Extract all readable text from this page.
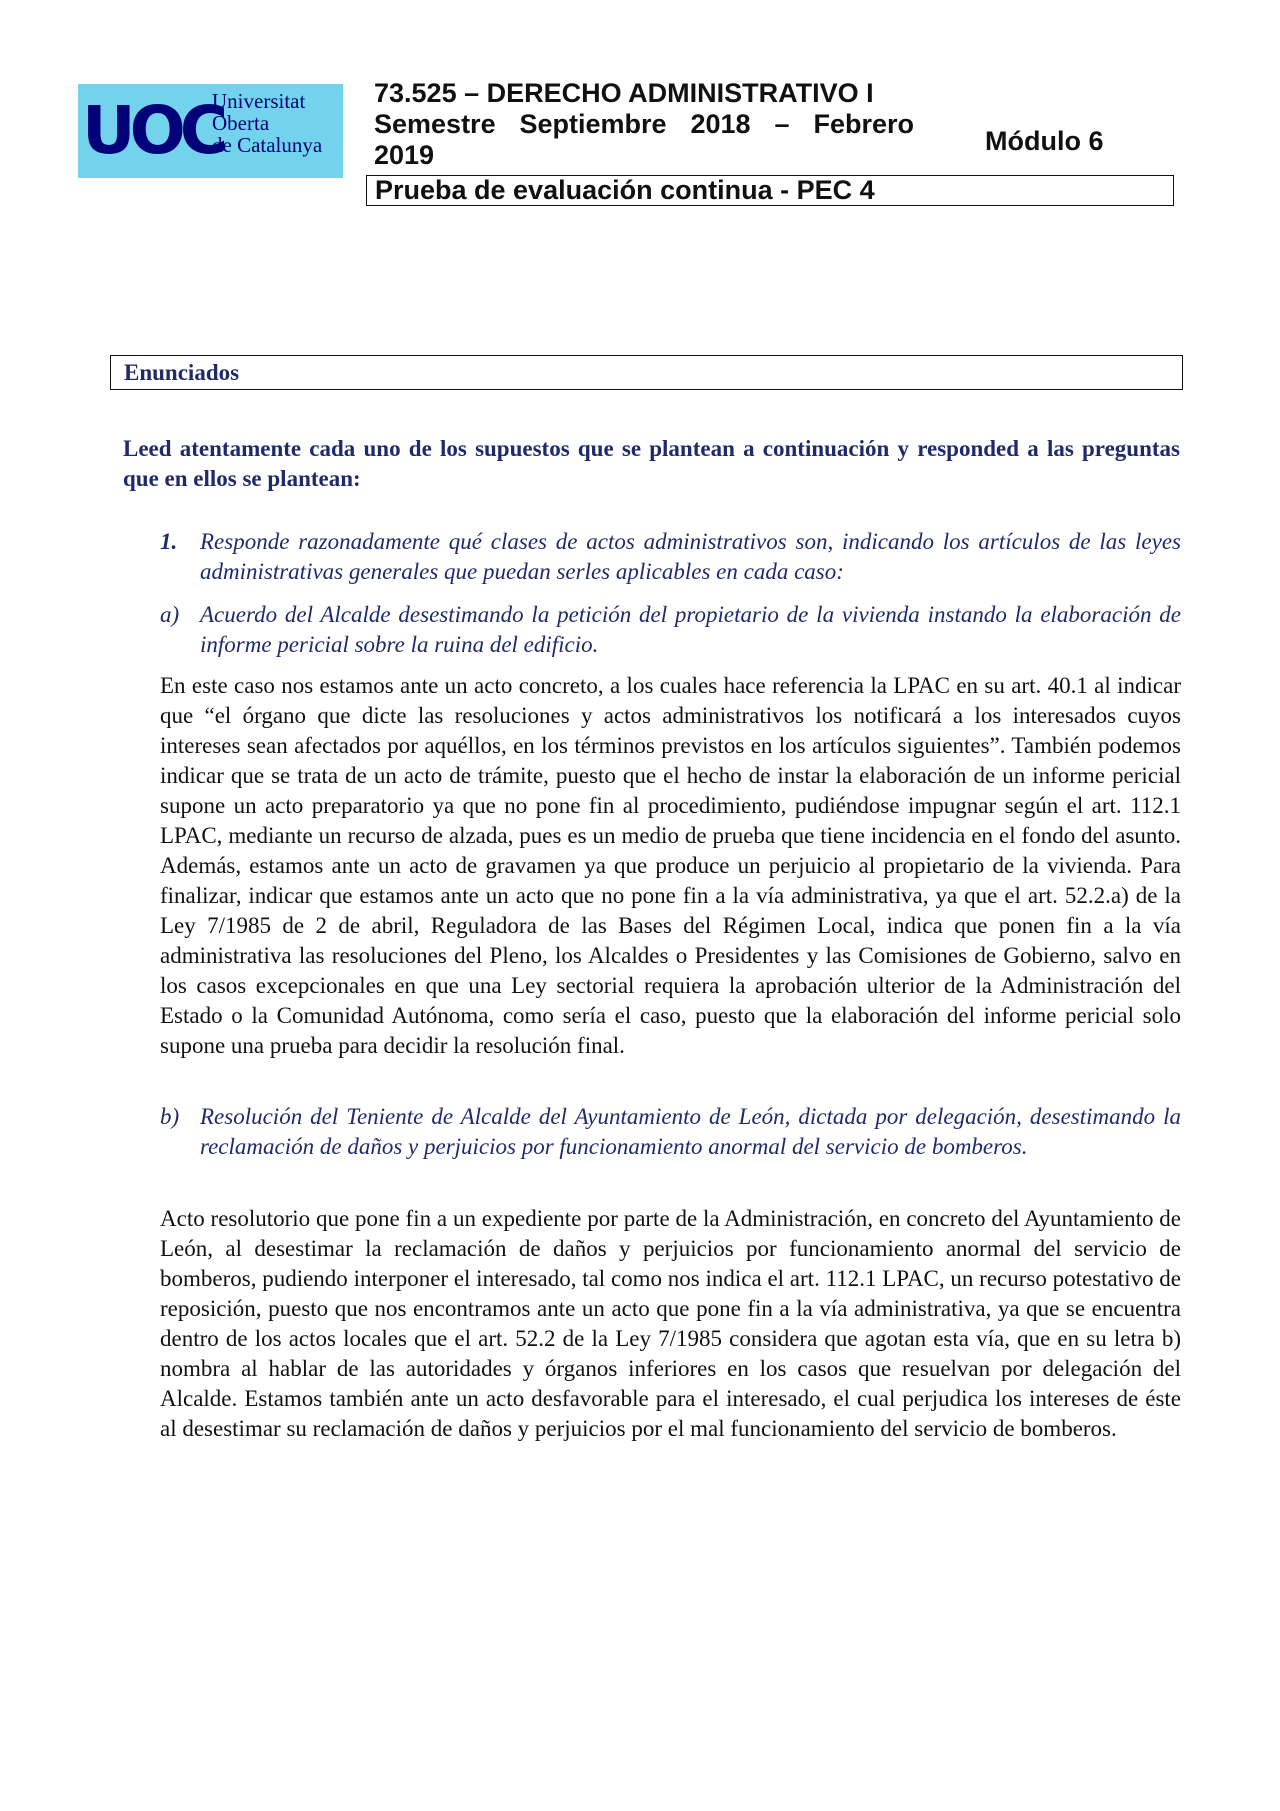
UOC
Universitat
Oberta
de Catalunya
73.525 – DERECHO ADMINISTRATIVO I
Semestre Septiembre 2018 – Febrero
2019	Módulo 6
Prueba de evaluación continua - PEC 4
Enunciados
Leed atentamente cada uno de los supuestos que se plantean a continuación y responded a las preguntas que en ellos se plantean:
1. Responde razonadamente qué clases de actos administrativos son, indicando los artículos de las leyes administrativas generales que puedan serles aplicables en cada caso:
a) Acuerdo del Alcalde desestimando la petición del propietario de la vivienda instando la elaboración de informe pericial sobre la ruina del edificio.
En este caso nos estamos ante un acto concreto, a los cuales hace referencia la LPAC en su art. 40.1 al indicar que “el órgano que dicte las resoluciones y actos administrativos los notificará a los interesados cuyos intereses sean afectados por aquéllos, en los términos previstos en los artículos siguientes”. También podemos indicar que se trata de un acto de trámite, puesto que el hecho de instar la elaboración de un informe pericial supone un acto preparatorio ya que no pone fin al procedimiento, pudiéndose impugnar según el art. 112.1 LPAC, mediante un recurso de alzada, pues es un medio de prueba que tiene incidencia en el fondo del asunto. Además, estamos ante un acto de gravamen ya que produce un perjuicio al propietario de la vivienda. Para finalizar, indicar que estamos ante un acto que no pone fin a la vía administrativa, ya que el art. 52.2.a) de la Ley 7/1985 de 2 de abril, Reguladora de las Bases del Régimen Local, indica que ponen fin a la vía administrativa las resoluciones del Pleno, los Alcaldes o Presidentes y las Comisiones de Gobierno, salvo en los casos excepcionales en que una Ley sectorial requiera la aprobación ulterior de la Administración del Estado o la Comunidad Autónoma, como sería el caso, puesto que la elaboración del informe pericial solo supone una prueba para decidir la resolución final.
b) Resolución del Teniente de Alcalde del Ayuntamiento de León, dictada por delegación, desestimando la reclamación de daños y perjuicios por funcionamiento anormal del servicio de bomberos.
Acto resolutorio que pone fin a un expediente por parte de la Administración, en concreto del Ayuntamiento de León, al desestimar la reclamación de daños y perjuicios por funcionamiento anormal del servicio de bomberos, pudiendo interponer el interesado, tal como nos indica el art. 112.1 LPAC, un recurso potestativo de reposición, puesto que nos encontramos ante un acto que pone fin a la vía administrativa, ya que se encuentra dentro de los actos locales que el art. 52.2 de la Ley 7/1985 considera que agotan esta vía, que en su letra b) nombra al hablar de las autoridades y órganos inferiores en los casos que resuelvan por delegación del Alcalde. Estamos también ante un acto desfavorable para el interesado, el cual perjudica los intereses de éste al desestimar su reclamación de daños y perjuicios por el mal funcionamiento del servicio de bomberos.
